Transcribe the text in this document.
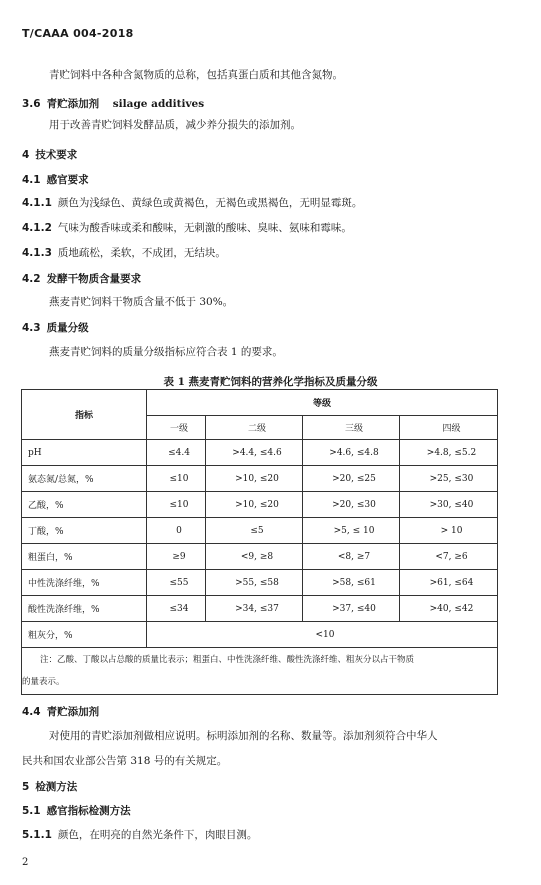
T/CAAA 004-2018
青贮饲料中各种含氮物质的总称，包括真蛋白质和其他含氮物。
3.6 青贮添加剂 silage additives
用于改善青贮饲料发酵品质，减少养分损失的添加剂。
4 技术要求
4.1 感官要求
4.1.1 颜色为浅绿色、黄绿色或黄褐色，无褐色或黑褐色，无明显霉斑。
4.1.2 气味为酸香味或柔和酸味，无刺激的酸味、臭味、氨味和霉味。
4.1.3 质地疏松，柔软，不成团，无结块。
4.2 发酵干物质含量要求
燕麦青贮饲料干物质含量不低于 30%。
4.3 质量分级
燕麦青贮饲料的质量分级指标应符合表 1 的要求。
表 1 燕麦青贮饲料的营养化学指标及质量分级
指标	等级			
	一级	二级	三级	四级
pH	≤4.4	>4.4, ≤4.6	>4.6, ≤4.8	>4.8, ≤5.2
氨态氮/总氮，%	≤10	>10, ≤20	>20, ≤25	>25, ≤30
乙酸，%	≤10	>10, ≤20	>20, ≤30	>30, ≤40
丁酸，%	0	≤5	>5, ≤ 10	> 10
粗蛋白，%	≥9	<9, ≥8	<8, ≥7	<7, ≥6
中性洗涤纤维，%	≤55	>55, ≤58	>58, ≤61	>61, ≤64
酸性洗涤纤维，%	≤34	>34, ≤37	>37, ≤40	>40, ≤42
粗灰分，%	<10			

注：乙酸、丁酸以占总酸的质量比表示；粗蛋白、中性洗涤纤维、酸性洗涤纤维、粗灰分以占干物质
的量表示。				
4.4 青贮添加剂
对使用的青贮添加剂做相应说明。标明添加剂的名称、数量等。添加剂须符合中华人
民共和国农业部公告第 318 号的有关规定。
5 检测方法
5.1 感官指标检测方法
5.1.1 颜色，在明亮的自然光条件下，肉眼目测。
2
